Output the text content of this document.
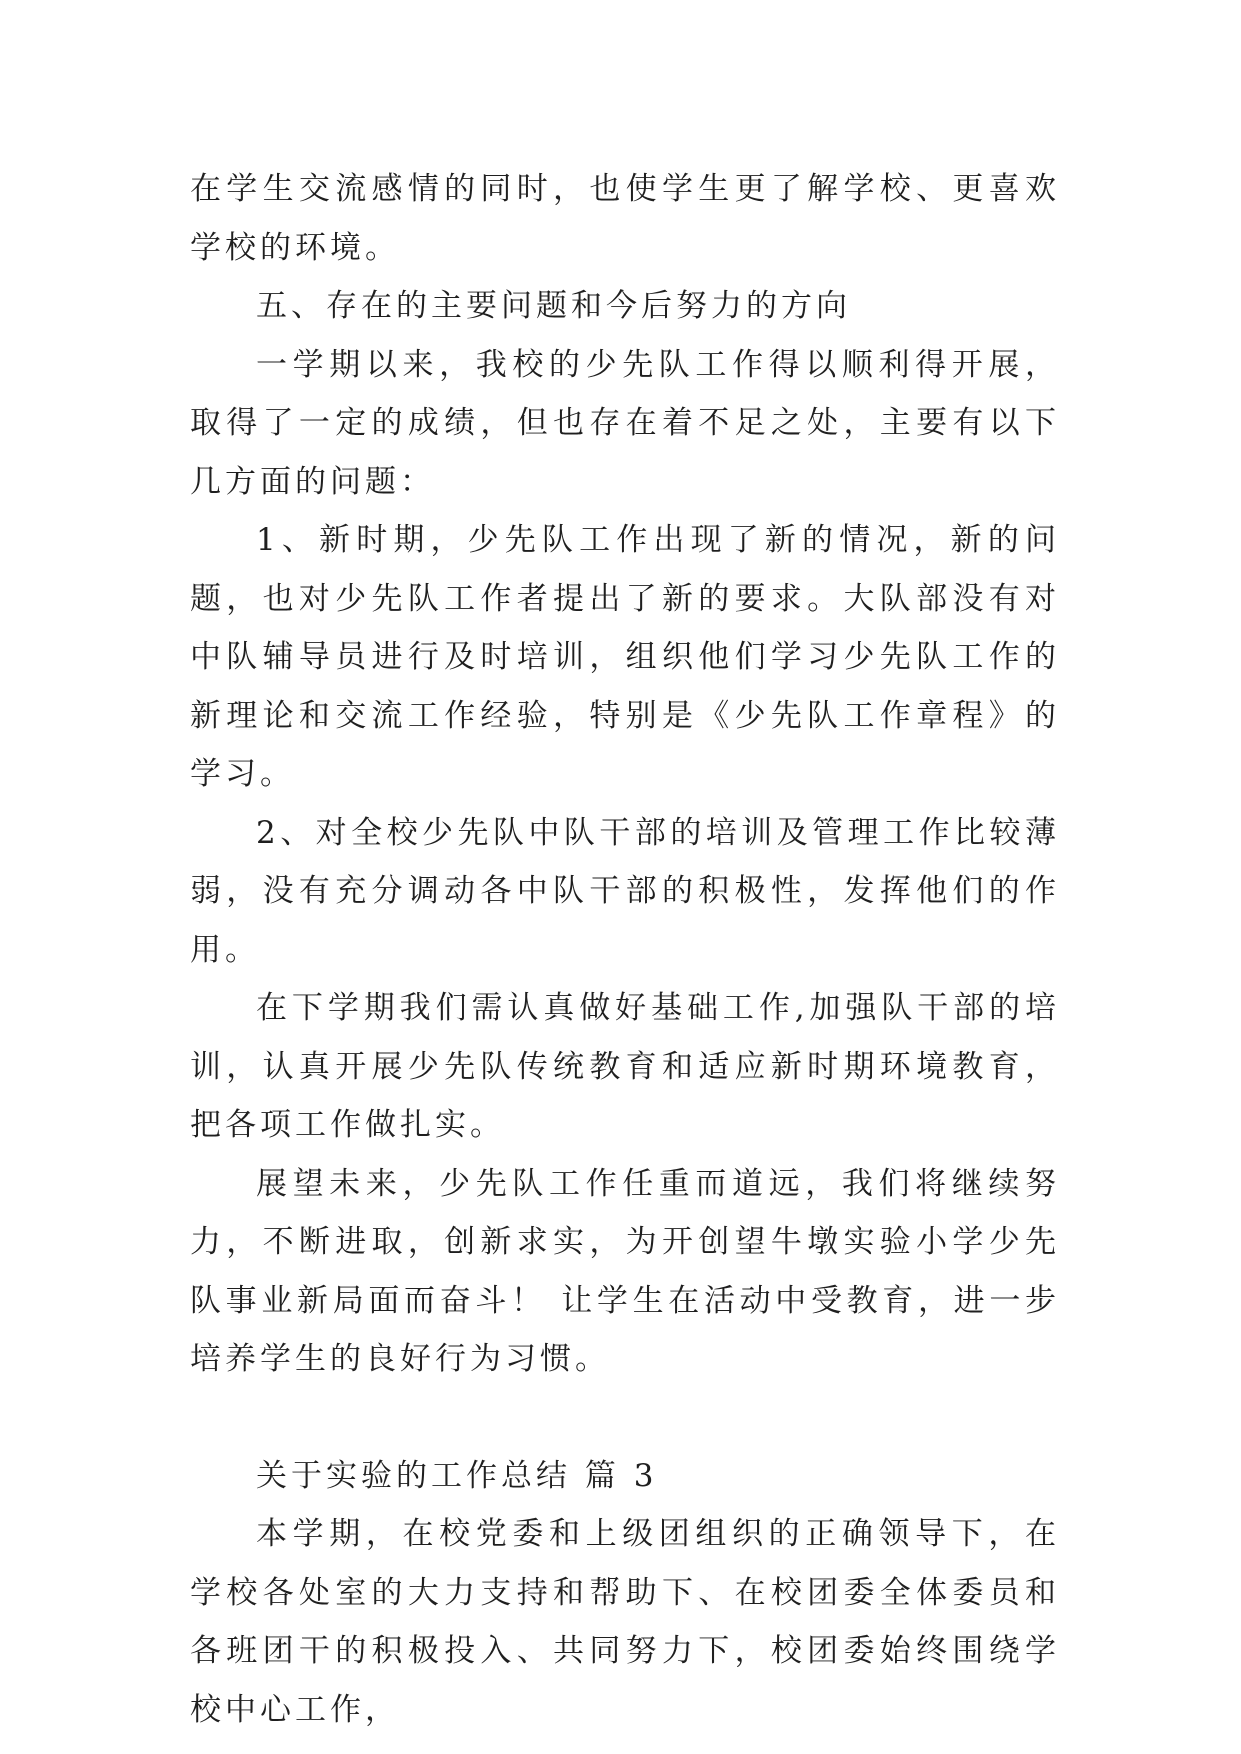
在学生交流感情的同时，也使学生更了解学校、更喜欢学校的环境。

五、存在的主要问题和今后努力的方向

一学期以来，我校的少先队工作得以顺利得开展，取得了一定的成绩，但也存在着不足之处，主要有以下几方面的问题：

1、新时期，少先队工作出现了新的情况，新的问题，也对少先队工作者提出了新的要求。大队部没有对中队辅导员进行及时培训，组织他们学习少先队工作的新理论和交流工作经验，特别是《少先队工作章程》的学习。

2、对全校少先队中队干部的培训及管理工作比较薄弱，没有充分调动各中队干部的积极性，发挥他们的作用。

在下学期我们需认真做好基础工作,加强队干部的培训，认真开展少先队传统教育和适应新时期环境教育，把各项工作做扎实。

展望未来，少先队工作任重而道远，我们将继续努力，不断进取，创新求实，为开创望牛墩实验小学少先队事业新局面而奋斗！ 让学生在活动中受教育，进一步培养学生的良好行为习惯。

关于实验的工作总结 篇 3

本学期，在校党委和上级团组织的正确领导下，在学校各处室的大力支持和帮助下、在校团委全体委员和各班团干的积极投入、共同努力下，校团委始终围绕学校中心工作，
